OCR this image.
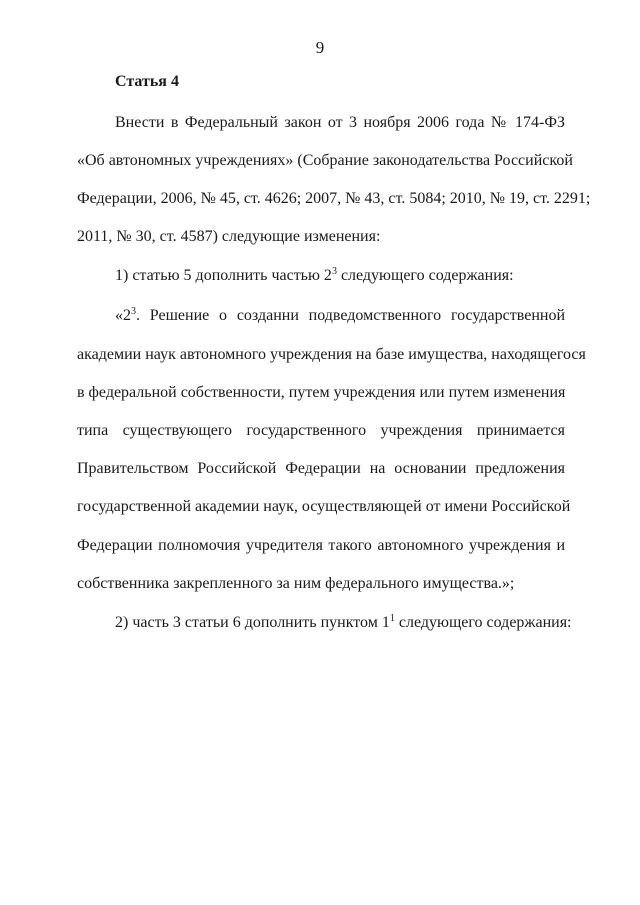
9
Статья 4
Внести в Федеральный закон от 3 ноября 2006 года № 174-ФЗ
«Об автономных учреждениях» (Собрание законодательства Российской
Федерации, 2006, № 45, ст. 4626; 2007, № 43, ст. 5084; 2010, № 19, ст. 2291;
2011, № 30, ст. 4587) следующие изменения:
1) статью 5 дополнить частью $2^3$ следующего содержания:
«$2^3$. Решение о созданни подведомственного государственной
академии наук автономного учреждения на базе имущества, находящегося
в федеральной собственности, путем учреждения или путем изменения
типа существующего государственного учреждения принимается
Правительством Российской Федерации на основании предложения
государственной академии наук, осуществляющей от имени Российской
Федерации полномочия учредителя такого автономного учреждения и
собственника закрепленного за ним федерального имущества.»;
2) часть 3 статьи 6 дополнить пунктом $1^1$ следующего содержания:
